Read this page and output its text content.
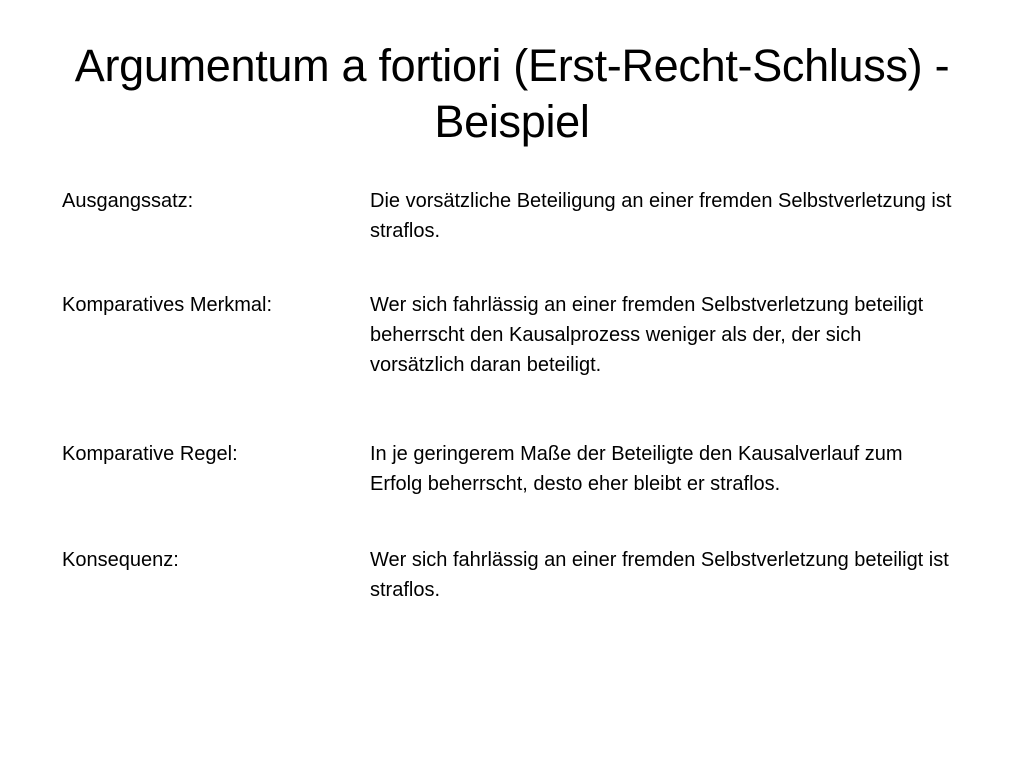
Argumentum a fortiori (Erst-Recht-Schluss) - Beispiel
Ausgangssatz:	Die vorsätzliche Beteiligung an einer fremden Selbstverletzung ist straflos.
Komparatives Merkmal:	Wer sich fahrlässig an einer fremden Selbstverletzung beteiligt beherrscht den Kausalprozess weniger als der, der sich vorsätzlich daran beteiligt.
Komparative Regel:	In je geringerem Maße der Beteiligte den Kausalverlauf zum Erfolg beherrscht, desto eher bleibt er straflos.
Konsequenz:	Wer sich fahrlässig an einer fremden Selbstverletzung beteiligt ist straflos.
